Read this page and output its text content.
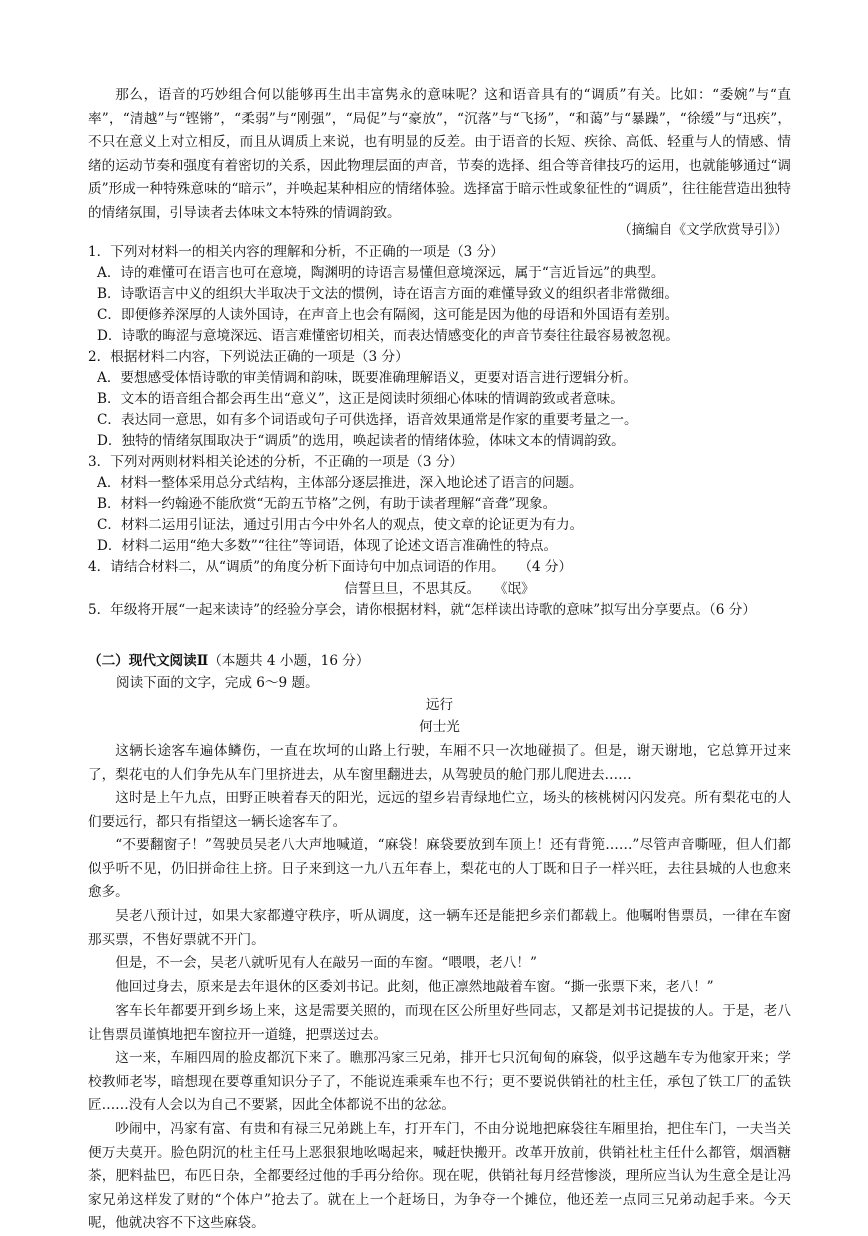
那么，语音的巧妙组合何以能够再生出丰富隽永的意味呢？这和语音具有的“调质”有关。比如：“委婉”与“直率”，“清越”与“铿锵”，“柔弱”与“刚强”，“局促”与“豪放”，“沉落”与“飞扬”，“和蔼”与“暴躁”，“徐缓”与“迅疾”，不只在意义上对立相反，而且从调质上来说，也有明显的反差。由于语音的长短、疾徐、高低、轻重与人的情感、情绪的运动节奏和强度有着密切的关系，因此物理层面的声音，节奏的选择、组合等音律技巧的运用，也就能够通过“调质”形成一种特殊意味的“暗示”，并唤起某种相应的情绪体验。选择富于暗示性或象征性的“调质”，往往能营造出独特的情绪氛围，引导读者去体味文本特殊的情调韵致。
（摘编自《文学欣赏导引》）
1．下列对材料一的相关内容的理解和分析，不正确的一项是（3 分）
A．诗的难懂可在语言也可在意境，陶渊明的诗语言易懂但意境深远，属于“言近旨远”的典型。
B．诗歌语言中义的组织大半取决于文法的惯例，诗在语言方面的难懂导致义的组织者非常微细。
C．即便修养深厚的人读外国诗，在声音上也会有隔阂，这可能是因为他的母语和外国语有差别。
D．诗歌的晦涩与意境深远、语言难懂密切相关，而表达情感变化的声音节奏往往最容易被忽视。
2．根据材料二内容，下列说法正确的一项是（3 分）
A．要想感受体悟诗歌的审美情调和韵味，既要准确理解语义，更要对语言进行逻辑分析。
B．文本的语音组合都会再生出“意义”，这正是阅读时须细心体味的情调韵致或者意味。
C．表达同一意思，如有多个词语或句子可供选择，语音效果通常是作家的重要考量之一。
D．独特的情绪氛围取决于“调质”的选用，唤起读者的情绪体验，体味文本的情调韵致。
3．下列对两则材料相关论述的分析，不正确的一项是（3 分）
A．材料一整体采用总分式结构，主体部分逐层推进，深入地论述了语言的问题。
B．材料一约翰逊不能欣赏“无韵五节格”之例，有助于读者理解“音聋”现象。
C．材料二运用引证法，通过引用古今中外名人的观点，使文章的论证更为有力。
D．材料二运用“绝大多数”“往往”等词语，体现了论述文语言准确性的特点。
4．请结合材料二，从“调质”的角度分析下面诗句中加点词语的作用。　　（4 分）
信誓旦旦，不思其反。　　《氓》
5．年级将开展“一起来读诗”的经验分享会，请你根据材料，就“怎样读出诗歌的意味”拟写出分享要点。（6 分）
（二）现代文阅读Ⅱ（本题共 4 小题，16 分）
阅读下面的文字，完成 6～9 题。
远行
何士光
这辆长途客车遍体鳞伤，一直在坎坷的山路上行驶，车厢不只一次地碰损了。但是，谢天谢地，它总算开过来了，梨花屯的人们争先从车门里挤进去，从车窗里翻进去，从驾驶员的舱门那儿爬进去……
这时是上午九点，田野正映着春天的阳光，远远的望乡岩青绿地伫立，场头的核桃树闪闪发亮。所有梨花屯的人们要远行，都只有指望这一辆长途客车了。
“不要翻窗子！”驾驶员吴老八大声地喊道，“麻袋！麻袋要放到车顶上！还有背篼……”尽管声音嘶哑，但人们都似乎听不见，仍旧拼命往上挤。日子来到这一九八五年春上，梨花屯的人丁既和日子一样兴旺，去往县城的人也愈来愈多。
吴老八预计过，如果大家都遵守秩序，听从调度，这一辆车还是能把乡亲们都载上。他嘱咐售票员，一律在车窗那买票，不售好票就不开门。
但是，不一会，吴老八就听见有人在敲另一面的车窗。“喂喂，老八！”
他回过身去，原来是去年退休的区委刘书记。此刻，他正凛然地敲着车窗。“撕一张票下来，老八！”
客车长年都要开到乡场上来，这是需要关照的，而现在区公所里好些同志，又都是刘书记提拔的人。于是，老八让售票员谨慎地把车窗拉开一道缝，把票送过去。
这一来，车厢四周的脸皮都沉下来了。瞧那冯家三兄弟，排开七只沉甸甸的麻袋，似乎这趟车专为他家开来；学校教师老岑，暗想现在要尊重知识分子了，不能说连乘乘车也不行；更不要说供销社的杜主任，承包了铁工厂的孟铁匠……没有人会以为自己不要紧，因此全体都说不出的忿忿。
吵闹中，冯家有富、有贵和有禄三兄弟跳上车，打开车门，不由分说地把麻袋往车厢里抬，把住车门，一夫当关便万夫莫开。脸色阴沉的杜主任马上恶狠狠地吆喝起来，喊赶快搬开。改革开放前，供销社杜主任什么都管，烟酒糖茶，肥料盐巴，布匹日杂，全都要经过他的手再分给你。现在呢，供销社每月经营惨淡，理所应当认为生意全是让冯家兄弟这样发了财的“个体户”抢去了。就在上一个赶场日，为争夺一个摊位，他还差一点同三兄弟动起手来。今天呢，他就决容不下这些麻袋。
